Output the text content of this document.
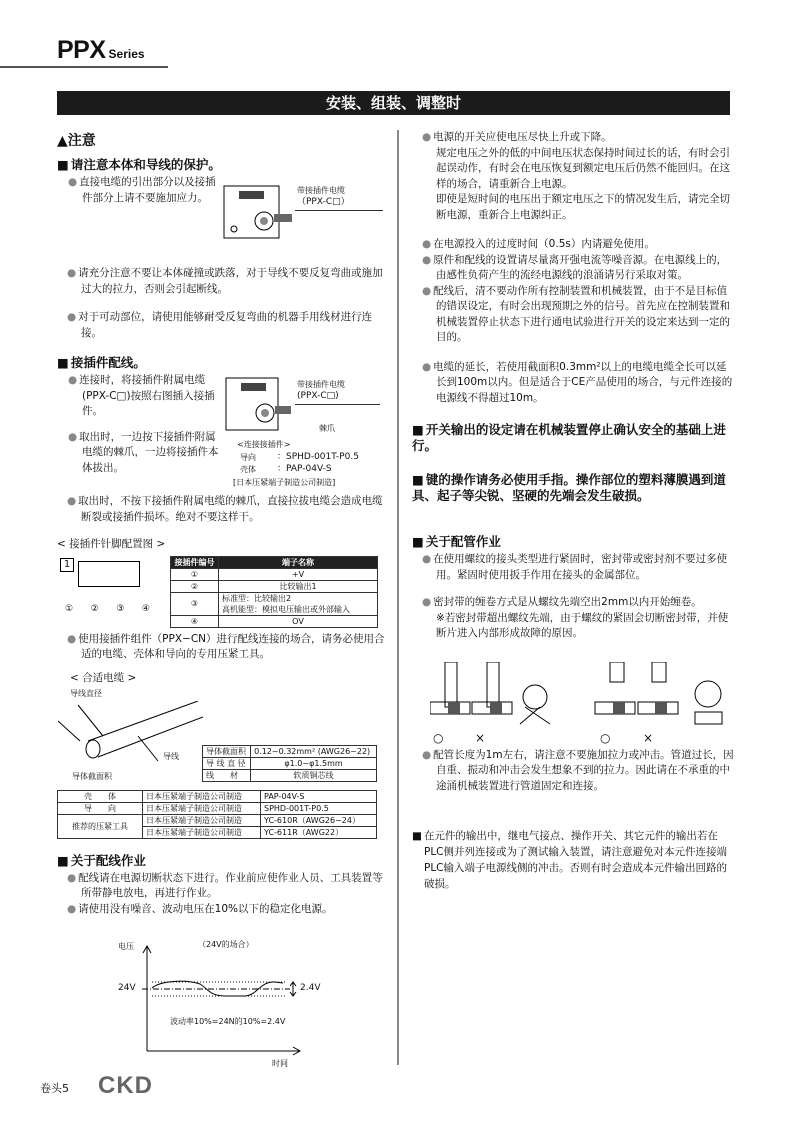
PPX Series
安装、组装、调整时
▲注意
■ 请注意本体和导线的保护。
● 直接电缆的引出部分以及接插件部分上请不要施加应力。
带接插件电缆
（PPX-C□）
● 请充分注意不要让本体碰撞或跌落，对于导线不要反复弯曲或施加过大的拉力，否则会引起断线。
● 对于可动部位，请使用能够耐受反复弯曲的机器手用线材进行连接。
■ 接插件配线。
● 连接时，将接插件附属电缆 (PPX-C□)按照右图插入接插件。
● 取出时，一边按下接插件附属电缆的棘爪，一边将接插件本体拔出。
带接插件电缆
(PPX-C□)
棘爪
<连接接插件>
导向 ：SPHD-001T-P0.5
壳体 ：PAP-04V-S
[日本压紧端子制造公司制造]
● 取出时，不按下接插件附属电缆的棘爪，直接拉拔电缆会造成电缆断裂或接插件损坏。绝对不要这样干。
< 接插件针脚配置图 >
1
① ② ③ ④
接插件编号	端子名称
①	+V
②	比较输出1
③	标准型：比较输出2
高机能型：模拟电压输出或外部输入
④	OV
● 使用接插件组件（PPX−CN）进行配线连接的场合，请务必使用合适的电缆、壳体和导向的专用压紧工具。
< 合适电缆 >
导线直径
导线
导体截面积
导体截面积	0.12~0.32mm² (AWG26~22)
导 线 直 径	φ1.0~φ1.5mm
线　　材	软质铜芯线
壳　　体	日本压紧端子制造公司制造	PAP-04V-S
导　　向	日本压紧端子制造公司制造	SPHD-001T-P0.5
推荐的压紧工具	日本压紧端子制造公司制造	YC-610R（AWG26~24）
	日本压紧端子制造公司制造	YC-611R（AWG22）
■ 关于配线作业
● 配线请在电源切断状态下进行。作业前应使作业人员、工具装置等所带静电放电，再进行作业。
● 请使用没有噪音、波动电压在10%以下的稳定化电源。
电压	（24V的场合）
24V	2.4V
波动率10%=24N的10%=2.4V
时间
● 电源的开关应使电压尽快上升或下降。
规定电压之外的低的中间电压状态保持时间过长的话，有时会引起误动作，有时会在电压恢复到额定电压后仍然不能回归。在这样的场合，请重新合上电源。
即使是短时间的电压出于额定电压之下的情况发生后，请完全切断电源，重新合上电源纠正。
● 在电源投入的过度时间（0.5s）内请避免使用。
● 原件和配线的设置请尽量离开强电流等噪音源。在电源线上的，由感性负荷产生的流经电源线的浪涌请另行采取对策。
● 配线后，清不要动作所有控制装置和机械装置，由于不是目标值的错误设定，有时会出现预期之外的信号。首先应在控制装置和机械装置停止状态下进行通电试验进行开关的设定来达到一定的目的。
● 电缆的延长，若使用截面积0.3mm²以上的电缆电缆全长可以延长到100m以内。但是适合于CE产品使用的场合，与元件连接的电源线不得超过10m。
■ 开关输出的设定请在机械装置停止确认安全的基础上进行。
■ 键的操作请务必使用手指。操作部位的塑料薄膜遇到道具、起子等尖锐、坚硬的先端会发生破损。
■ 关于配管作业
● 在使用螺纹的接头类型进行紧固时，密封带或密封剂不要过多使用。紧固时使用扳手作用在接头的金属部位。
● 密封带的缠卷方式是从螺纹先端空出2mm以内开始缠卷。
※若密封带超出螺纹先端，由于螺纹的紧固会切断密封带，并使断片进入内部形成故障的原因。
○	×	○	×
● 配管长度为1m左右，请注意不要施加拉力或冲击。管道过长，因自重、振动和冲击会发生想象不到的拉力。因此请在不承重的中途涌机械装置进行管道固定和连接。
■ 在元件的输出中，继电气接点、操作开关、其它元件的输出若在PLC侧并列连接或为了测试输入装置，请注意避免对本元件连接端PLC输入端子电源线侧的冲击。否则有时会造成本元件输出回路的破损。
卷头5 CKD
